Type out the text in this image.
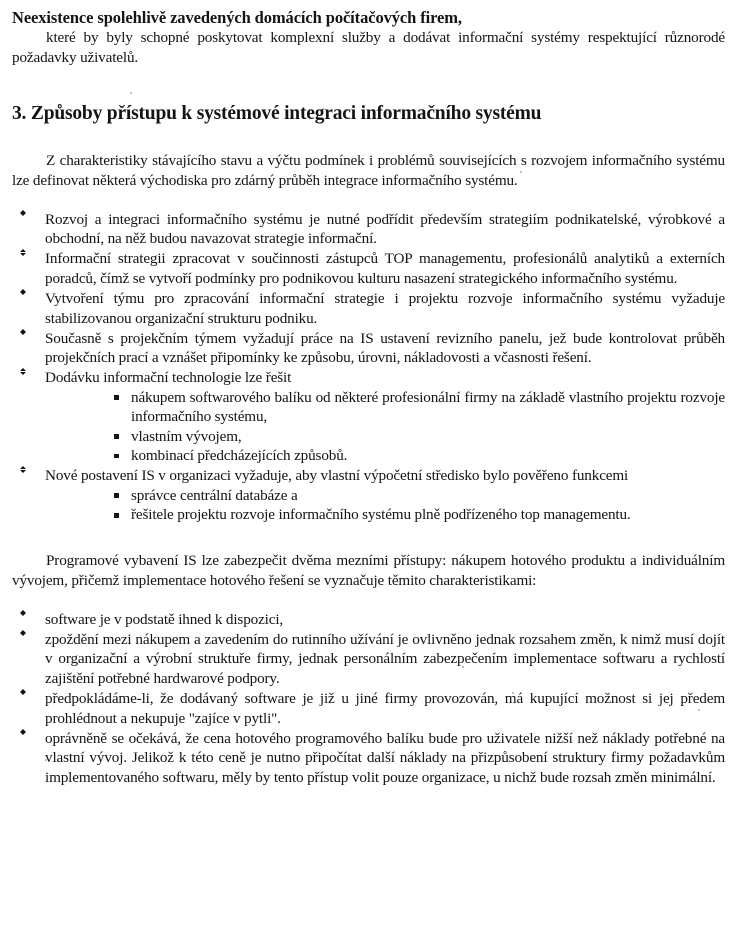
Neexistence spolehlivě zavedených domácích počítačových firem,

které by byly schopné poskytovat komplexní služby a dodávat informační systémy respektující různorodé požadavky uživatelů.

3. Způsoby přístupu k systémové integraci informačního systému

Z charakteristiky stávajícího stavu a výčtu podmínek i problémů souvisejících s rozvojem informačního systému lze definovat některá východiska pro zdárný průběh integrace informačního systému.

Rozvoj a integraci informačního systému je nutné podřídit především strategiím podnikatelské, výrobkové a obchodní, na něž budou navazovat strategie informační.
Informační strategii zpracovat v součinnosti zástupců TOP managementu, profesionálů analytiků a externích poradců, čímž se vytvoří podmínky pro podnikovou kulturu nasazení strategického informačního systému.
Vytvoření týmu pro zpracování informační strategie i projektu rozvoje informačního systému vyžaduje stabilizovanou organizační strukturu podniku.
Současně s projekčním týmem vyžadují práce na IS ustavení revizního panelu, jež bude kontrolovat průběh projekčních prací a vznášet připomínky ke způsobu, úrovni, nákladovosti a včasnosti řešení.
Dodávku informační technologie lze řešit
nákupem softwarového balíku od některé profesionální firmy na základě vlastního projektu rozvoje informačního systému,
vlastním vývojem,
kombinací předcházejících způsobů.
Nové postavení IS v organizaci vyžaduje, aby vlastní výpočetní středisko bylo pověřeno funkcemi
správce centrální databáze a
řešitele projektu rozvoje informačního systému plně podřízeného top managementu.

Programové vybavení IS lze zabezpečit dvěma mezními přístupy: nákupem hotového produktu a individuálním vývojem, přičemž implementace hotového řešení se vyznačuje těmito charakteristikami:

software je v podstatě ihned k dispozici,
zpoždění mezi nákupem a zavedením do rutinního užívání je ovlivněno jednak rozsahem změn, k nimž musí dojít v organizační a výrobní struktuře firmy, jednak personálním zabezpečením implementace softwaru a rychlostí zajištění potřebné hardwarové podpory.
předpokládáme-li, že dodávaný software je již u jiné firmy provozován, má kupující možnost si jej předem prohlédnout a nekupuje "zajíce v pytli".
oprávněně se očekává, že cena hotového programového balíku bude pro uživatele nižší než náklady potřebné na vlastní vývoj. Jelikož k této ceně je nutno připočítat další náklady na přizpůsobení struktury firmy požadavkům implementovaného softwaru, měly by tento přístup volit pouze organizace, u nichž bude rozsah změn minimální.
